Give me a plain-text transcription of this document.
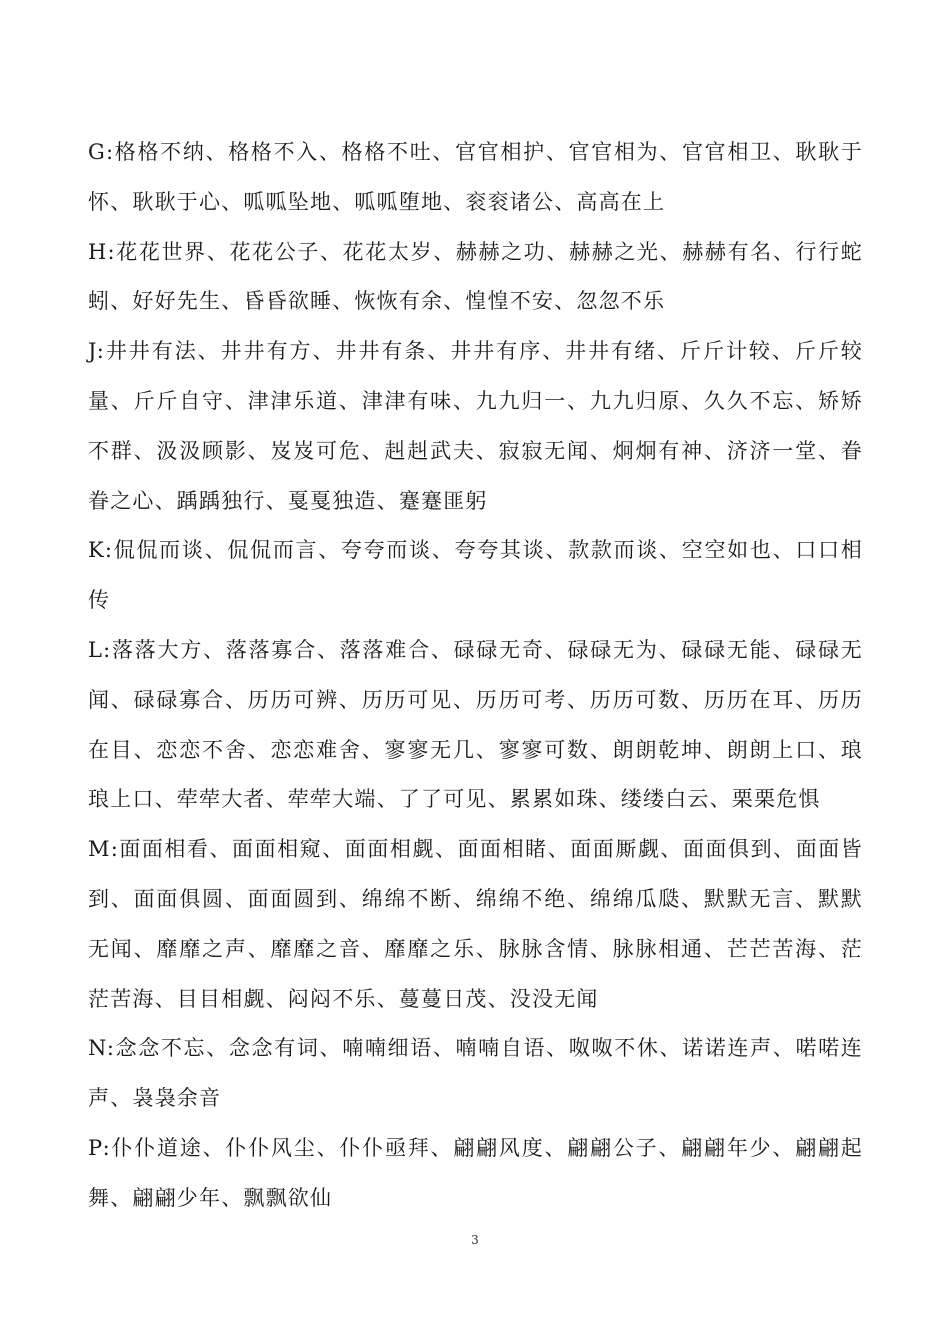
G:格格不纳、格格不入、格格不吐、官官相护、官官相为、官官相卫、耿耿于怀、耿耿于心、呱呱坠地、呱呱堕地、衮衮诸公、高高在上

H:花花世界、花花公子、花花太岁、赫赫之功、赫赫之光、赫赫有名、行行蛇蚓、好好先生、昏昏欲睡、恢恢有余、惶惶不安、忽忽不乐

J:井井有法、井井有方、井井有条、井井有序、井井有绪、斤斤计较、斤斤较量、斤斤自守、津津乐道、津津有味、九九归一、九九归原、久久不忘、矫矫不群、汲汲顾影、岌岌可危、赳赳武夫、寂寂无闻、炯炯有神、济济一堂、眷眷之心、踽踽独行、戛戛独造、蹇蹇匪躬

K:侃侃而谈、侃侃而言、夸夸而谈、夸夸其谈、款款而谈、空空如也、口口相传

L:落落大方、落落寡合、落落难合、碌碌无奇、碌碌无为、碌碌无能、碌碌无闻、碌碌寡合、历历可辨、历历可见、历历可考、历历可数、历历在耳、历历在目、恋恋不舍、恋恋难舍、寥寥无几、寥寥可数、朗朗乾坤、朗朗上口、琅琅上口、荦荦大者、荦荦大端、了了可见、累累如珠、缕缕白云、栗栗危惧

M:面面相看、面面相窥、面面相觑、面面相睹、面面厮觑、面面俱到、面面皆到、面面俱圆、面面圆到、绵绵不断、绵绵不绝、绵绵瓜瓞、默默无言、默默无闻、靡靡之声、靡靡之音、靡靡之乐、脉脉含情、脉脉相通、芒芒苦海、茫茫苦海、目目相觑、闷闷不乐、蔓蔓日茂、没没无闻

N:念念不忘、念念有词、喃喃细语、喃喃自语、呶呶不休、诺诺连声、喏喏连声、袅袅余音

P:仆仆道途、仆仆风尘、仆仆亟拜、翩翩风度、翩翩公子、翩翩年少、翩翩起舞、翩翩少年、飘飘欲仙

3
